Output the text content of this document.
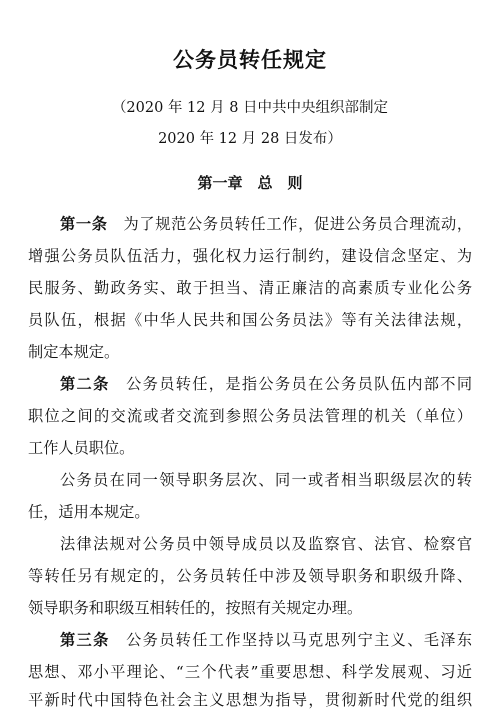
公务员转任规定
（2020 年 12 月 8 日中共中央组织部制定
2020 年 12 月 28 日发布）
第一章　总　则
第一条　为了规范公务员转任工作，促进公务员合理流动，
增强公务员队伍活力，强化权力运行制约，建设信念坚定、为
民服务、勤政务实、敢于担当、清正廉洁的高素质专业化公务
员队伍，根据《中华人民共和国公务员法》等有关法律法规，
制定本规定。
第二条　公务员转任，是指公务员在公务员队伍内部不同
职位之间的交流或者交流到参照公务员法管理的机关（单位）
工作人员职位。
公务员在同一领导职务层次、同一或者相当职级层次的转
任，适用本规定。
法律法规对公务员中领导成员以及监察官、法官、检察官
等转任另有规定的，公务员转任中涉及领导职务和职级升降、
领导职务和职级互相转任的，按照有关规定办理。
第三条　公务员转任工作坚持以马克思列宁主义、毛泽东
思想、邓小平理论、“三个代表”重要思想、科学发展观、习近
平新时代中国特色社会主义思想为指导，贯彻新时代党的组织
